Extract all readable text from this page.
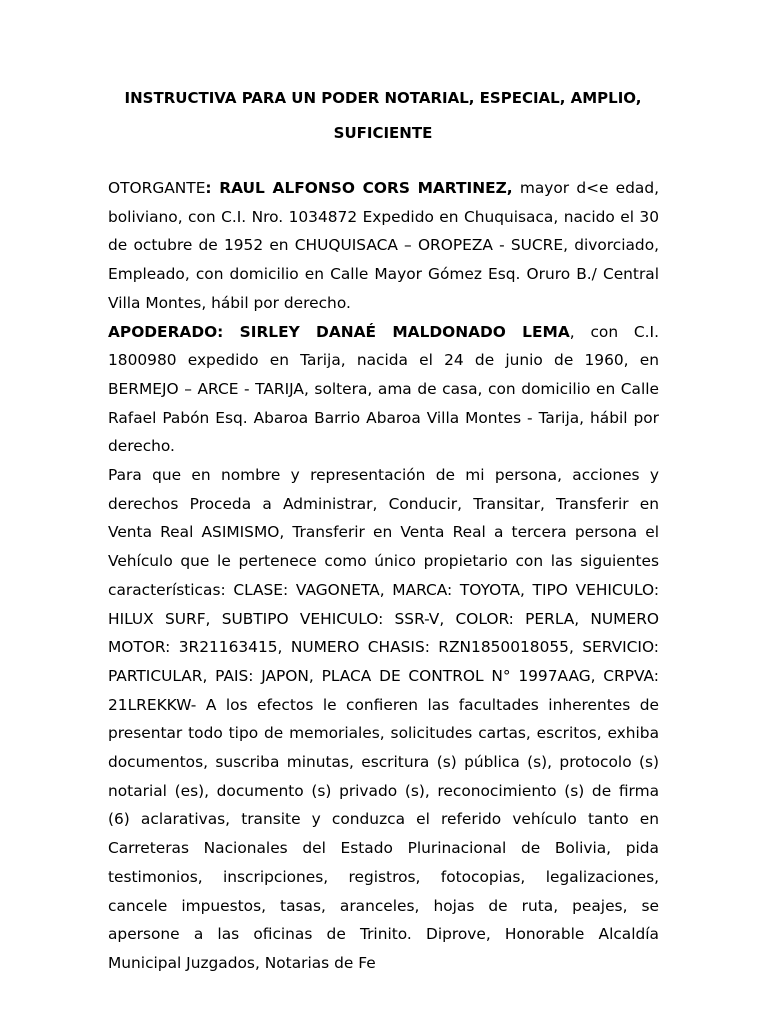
INSTRUCTIVA PARA UN PODER NOTARIAL, ESPECIAL, AMPLIO,
SUFICIENTE

OTORGANTE: RAUL ALFONSO CORS MARTINEZ, mayor d<e edad, boliviano, con C.I. Nro. 1034872 Expedido en Chuquisaca, nacido el 30 de octubre de 1952 en CHUQUISACA – OROPEZA - SUCRE, divorciado, Empleado, con domicilio en Calle Mayor Gómez Esq. Oruro B./ Central Villa Montes, hábil por derecho.

APODERADO: SIRLEY DANAÉ MALDONADO LEMA, con C.I. 1800980 expedido en Tarija, nacida el 24 de junio de 1960, en BERMEJO – ARCE - TARIJA, soltera, ama de casa, con domicilio en Calle Rafael Pabón Esq. Abaroa Barrio Abaroa Villa Montes - Tarija, hábil por derecho.

Para que en nombre y representación de mi persona, acciones y derechos Proceda a Administrar, Conducir, Transitar, Transferir en Venta Real ASIMISMO, Transferir en Venta Real a tercera persona el Vehículo que le pertenece como único propietario con las siguientes características: CLASE: VAGONETA, MARCA: TOYOTA, TIPO VEHICULO: HILUX SURF, SUBTIPO VEHICULO: SSR-V, COLOR: PERLA, NUMERO MOTOR: 3R21163415, NUMERO CHASIS: RZN1850018055, SERVICIO: PARTICULAR, PAIS: JAPON, PLACA DE CONTROL N° 1997AAG, CRPVA: 21LREKKW- A los efectos le confieren las facultades inherentes de presentar todo tipo de memoriales, solicitudes cartas, escritos, exhiba documentos, suscriba minutas, escritura (s) pública (s), protocolo (s) notarial (es), documento (s) privado (s), reconocimiento (s) de firma (6) aclarativas, transite y conduzca el referido vehículo tanto en Carreteras Nacionales del Estado Plurinacional de Bolivia, pida testimonios, inscripciones, registros, fotocopias, legalizaciones, cancele impuestos, tasas, aranceles, hojas de ruta, peajes, se apersone a las oficinas de Trinito. Diprove, Honorable Alcaldía Municipal Juzgados, Notarias de Fe
